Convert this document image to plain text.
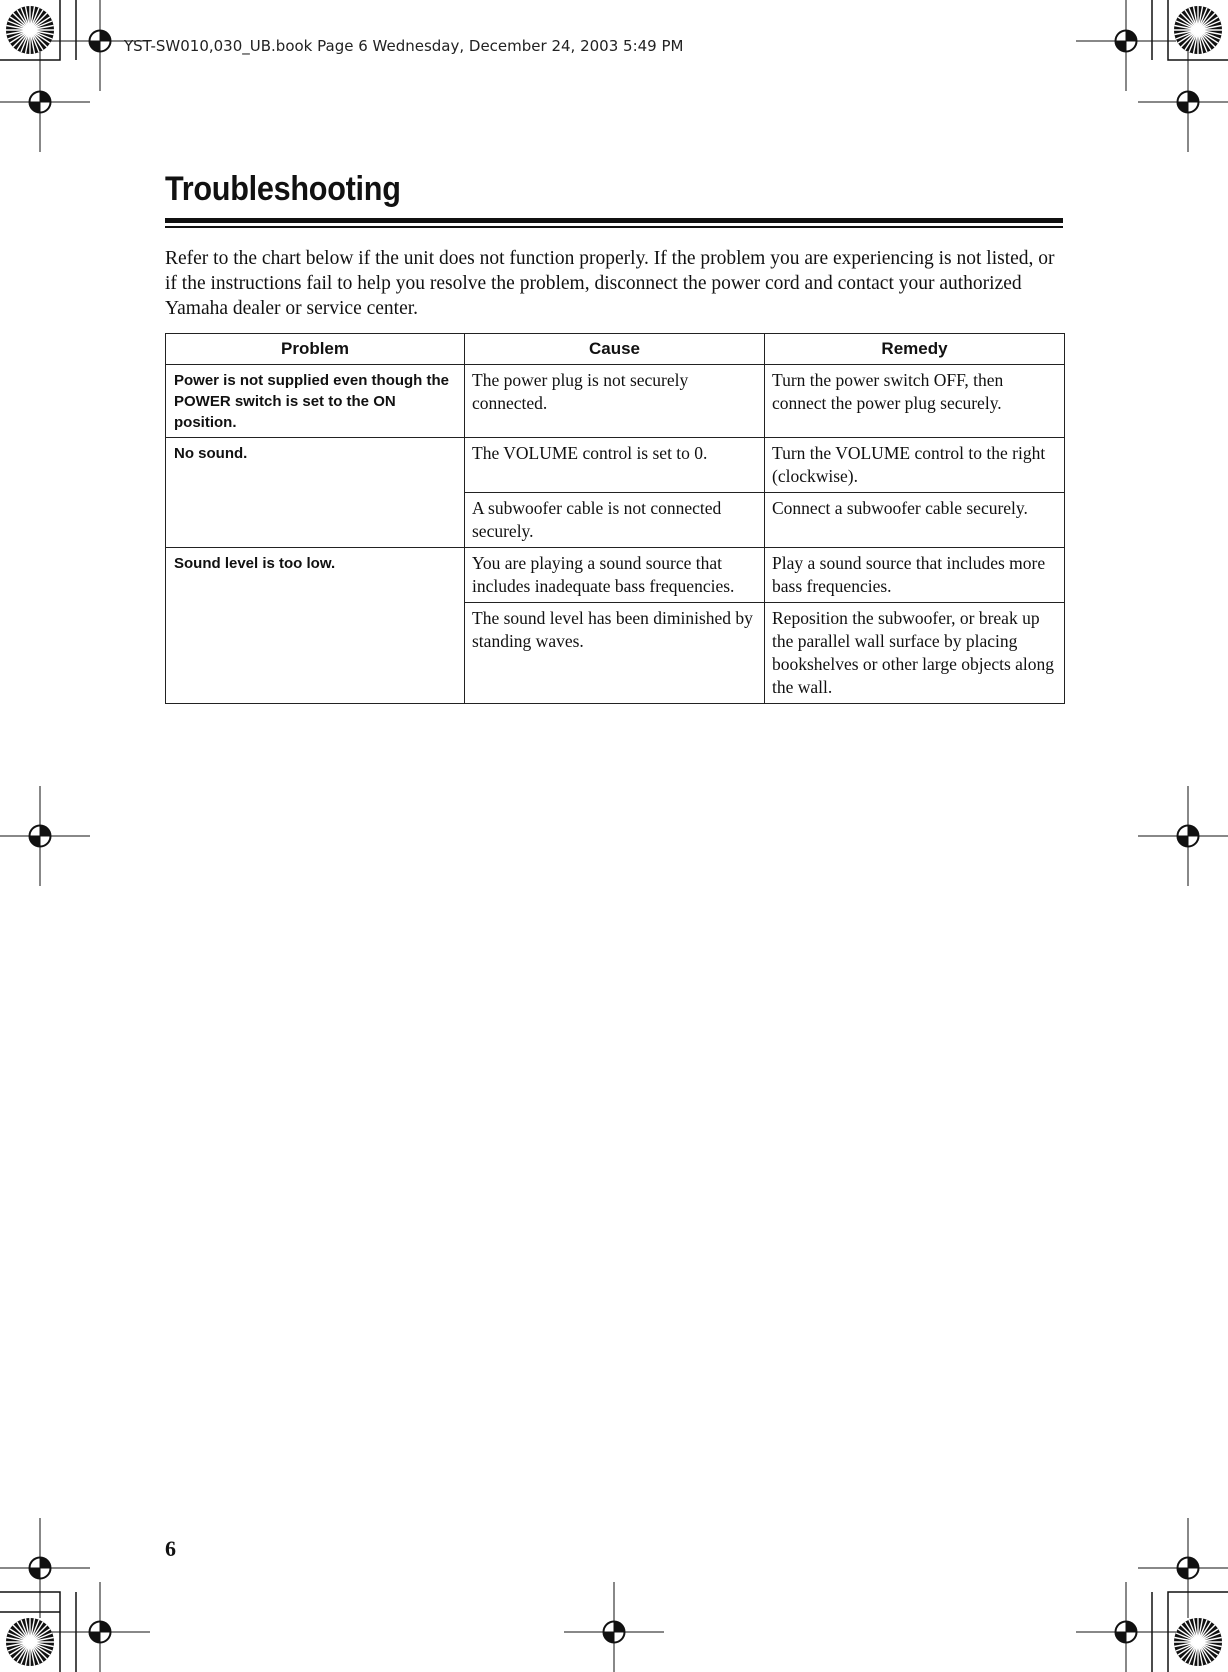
YST-SW010,030_UB.book Page 6 Wednesday, December 24, 2003 5:49 PM
Troubleshooting

Refer to the chart below if the unit does not function properly. If the problem you are experiencing is not listed, or if the instructions fail to help you resolve the problem, disconnect the power cord and contact your authorized Yamaha dealer or service center.

Problem	Cause	Remedy
Power is not supplied even though the POWER switch is set to the ON position.	The power plug is not securely connected.	Turn the power switch OFF, then connect the power plug securely.
No sound.	The VOLUME control is set to 0.	Turn the VOLUME control to the right (clockwise).
	A subwoofer cable is not connected securely.	Connect a subwoofer cable securely.
Sound level is too low.	You are playing a sound source that includes inadequate bass frequencies.	Play a sound source that includes more bass frequencies.
	The sound level has been diminished by standing waves.	Reposition the subwoofer, or break up the parallel wall surface by placing bookshelves or other large objects along the wall.
6
